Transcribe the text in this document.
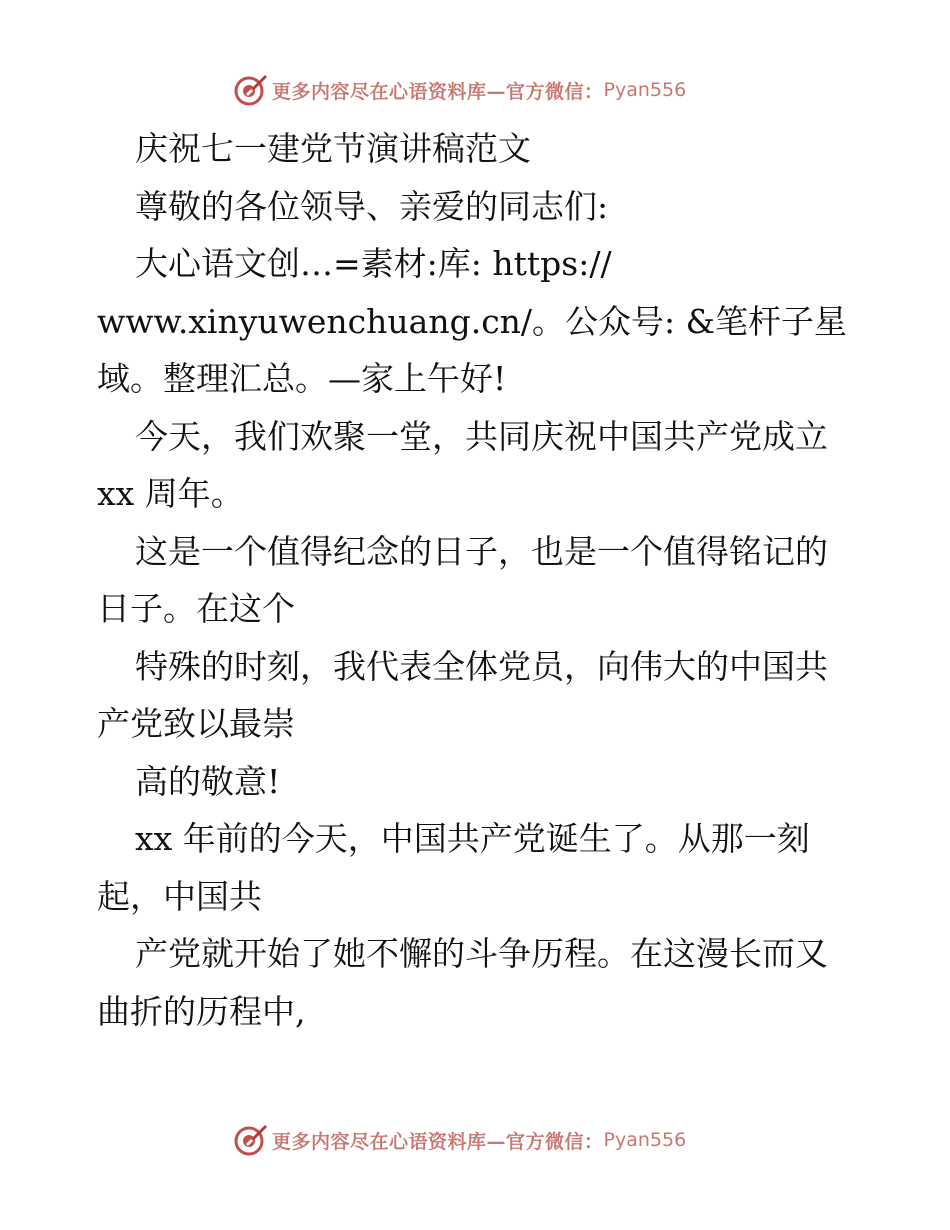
更多内容尽在心语资料库—官方微信： Pyan556
庆祝七一建党节演讲稿范文
尊敬的各位领导、亲爱的同志们:
大心语文创…=素材:库: https://
www.xinyuwenchuang.cn/。公众号: &笔杆子星
域。整理汇总。—家上午好!
今天，我们欢聚一堂，共同庆祝中国共产党成立
xx 周年。
这是一个值得纪念的日子，也是一个值得铭记的
日子。在这个
特殊的时刻，我代表全体党员，向伟大的中国共
产党致以最崇
高的敬意!
xx 年前的今天，中国共产党诞生了。从那一刻
起，中国共
产党就开始了她不懈的斗争历程。在这漫长而又
曲折的历程中,
更多内容尽在心语资料库—官方微信： Pyan556
